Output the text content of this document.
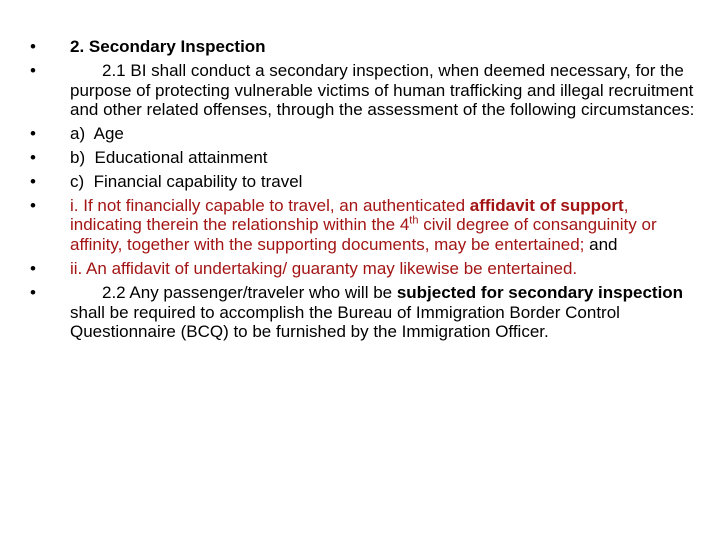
•	2. Secondary Inspection
•	2.1 BI shall conduct a secondary inspection, when deemed necessary, for the purpose of protecting vulnerable victims of human trafficking and illegal recruitment and other related offenses, through the assessment of the following circumstances:
•	a)  Age
•	b)  Educational attainment
•	c)  Financial capability to travel
•	i. If not financially capable to travel, an authenticated affidavit of support, indicating therein the relationship within the 4th civil degree of consanguinity or affinity, together with the supporting documents, may be entertained; and
•	ii. An affidavit of undertaking/ guaranty may likewise be entertained.
•	2.2 Any passenger/traveler who will be subjected for secondary inspection shall be required to accomplish the Bureau of Immigration Border Control Questionnaire (BCQ) to be furnished by the Immigration Officer.
